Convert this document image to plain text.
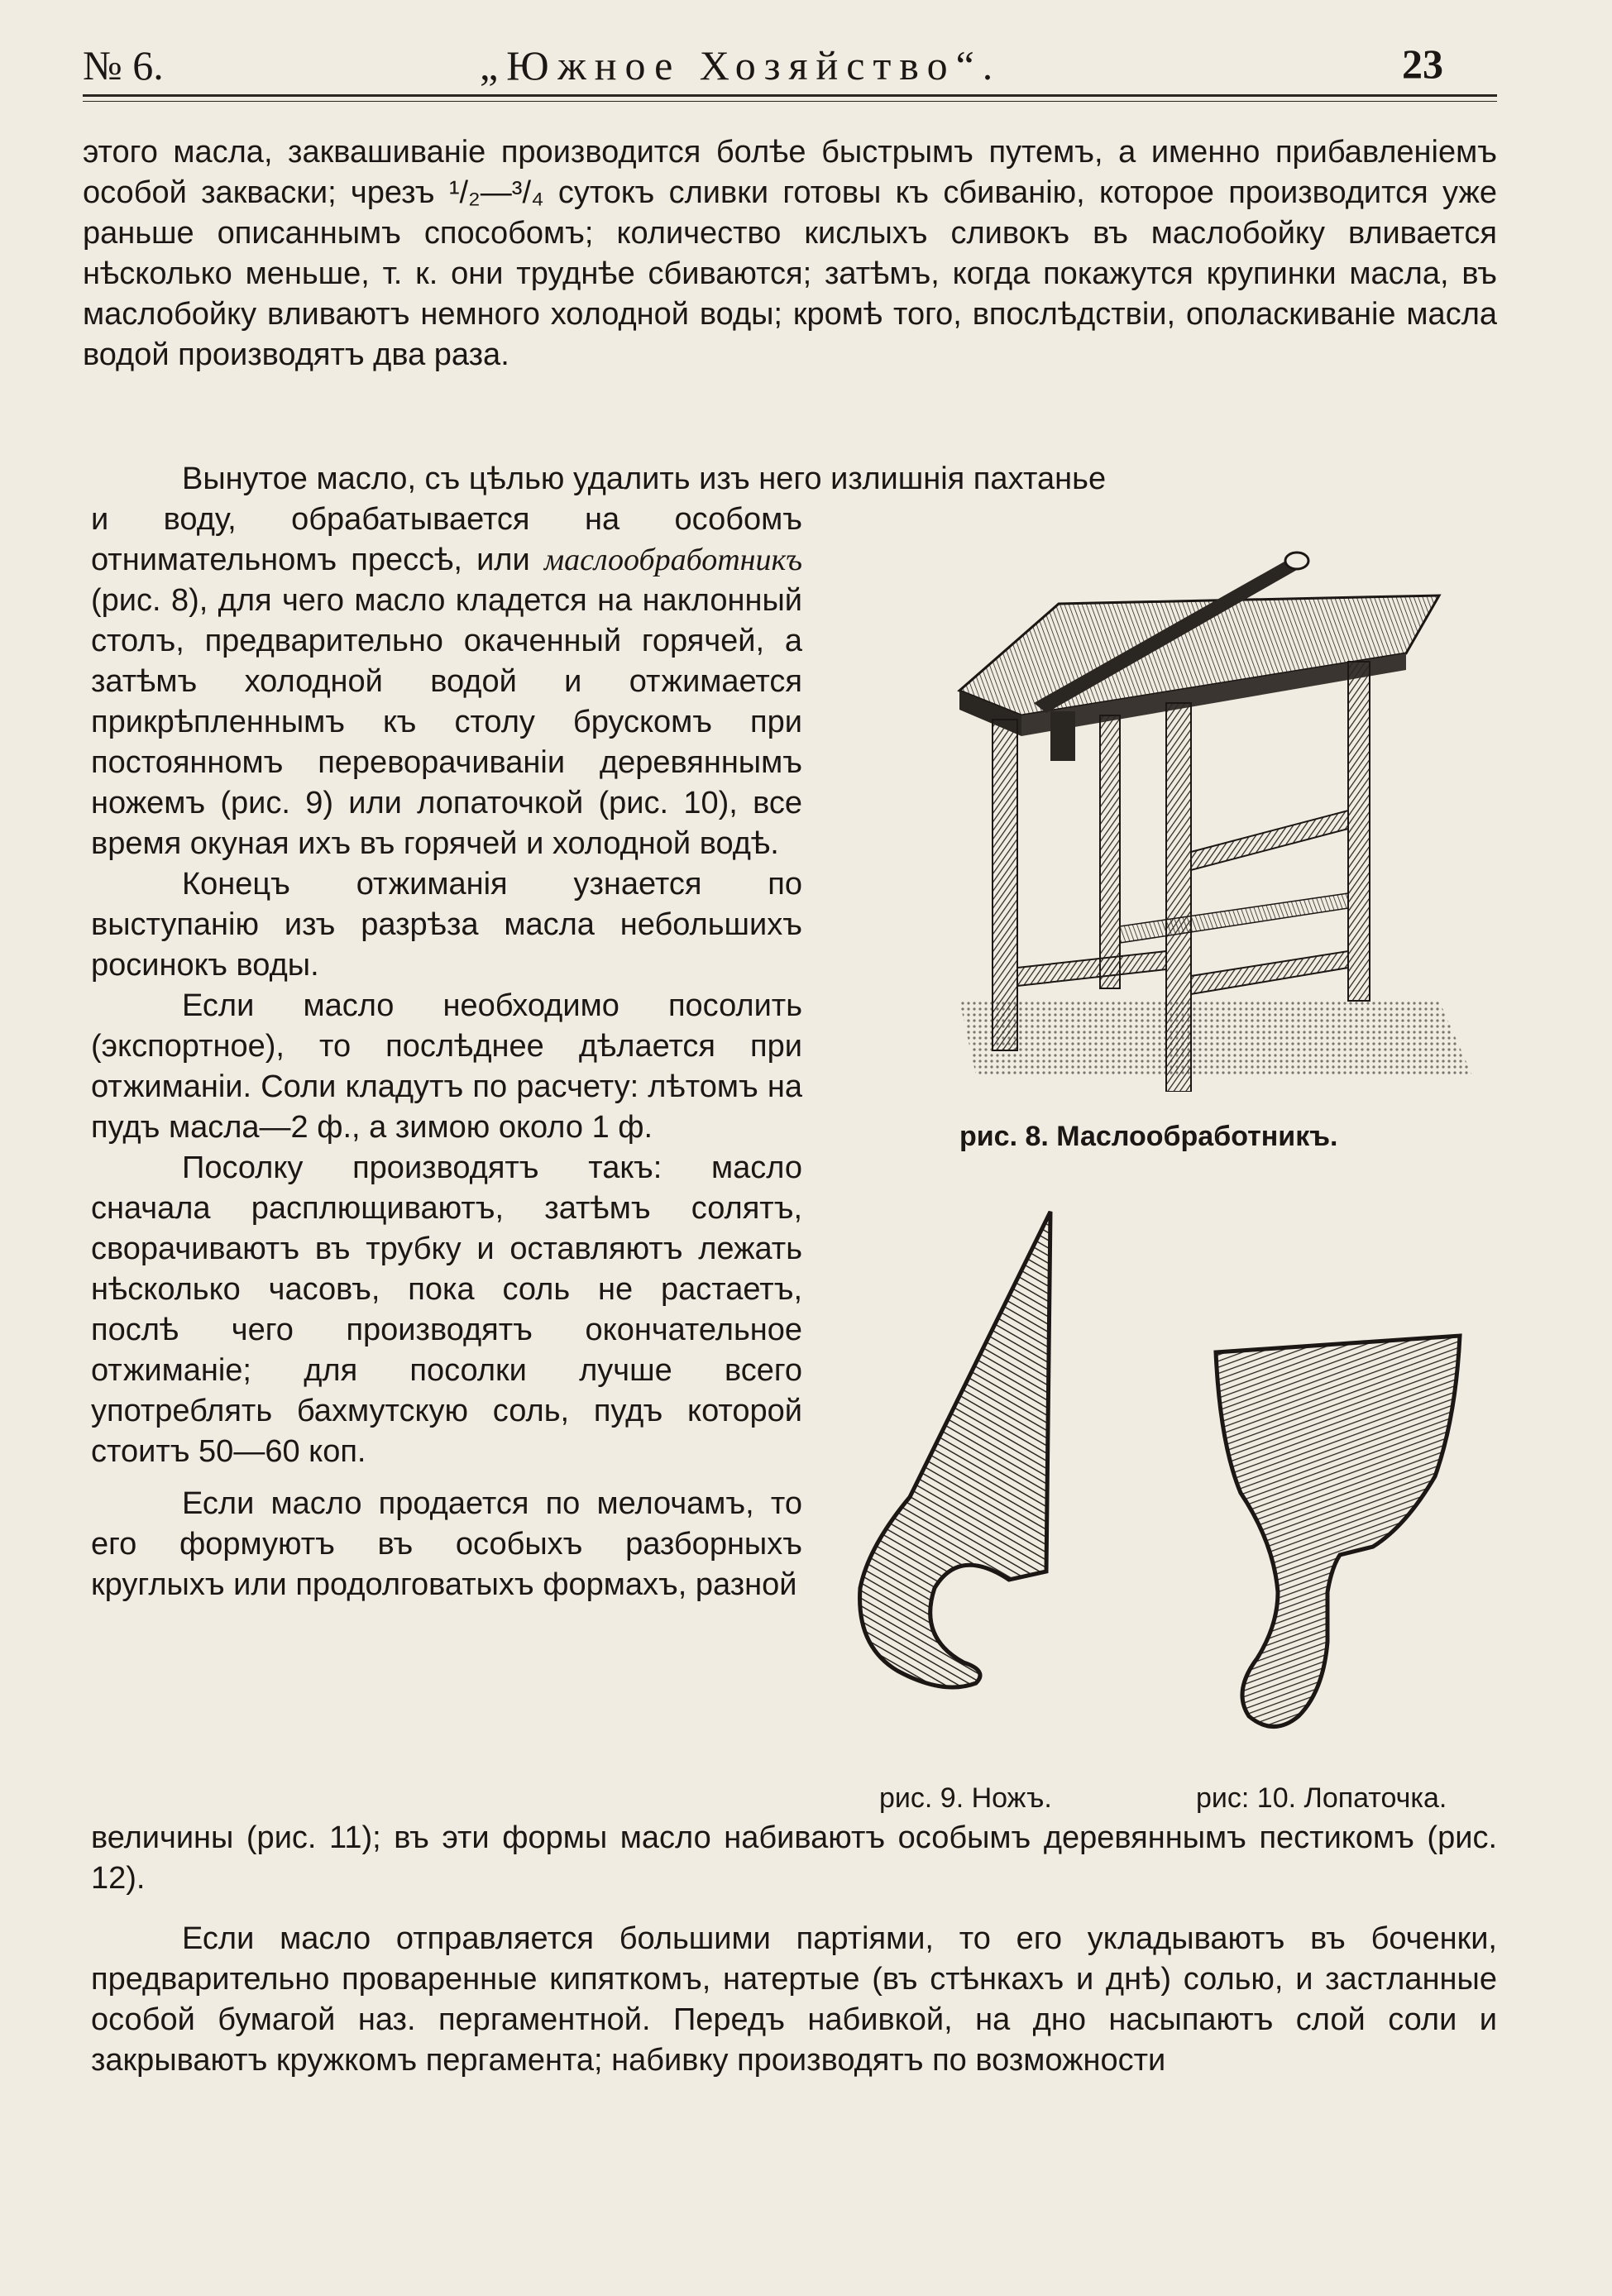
№ 6.	„Южное Хозяйство“.	23
этого масла, заквашиваніе производится болѣе быстрымъ путемъ, а именно прибавленіемъ особой закваски; чрезъ ¹/₂—³/₄ сутокъ сливки готовы къ сбиванію, которое производится уже раньше описаннымъ способомъ; количество кислыхъ сливокъ въ маслобойку вливается нѣсколько меньше, т. к. они труднѣе сбиваются; затѣмъ, когда покажутся крупинки масла, въ маслобойку вливаютъ немного холодной воды; кромѣ того, впослѣдствіи, ополаскиваніе масла водой производятъ два раза.
Вынутое масло, съ цѣлью удалить изъ него излишнія пахтанье

и воду, обрабатывается на особомъ отнимательномъ прессѣ, или маслообработникъ (рис. 8), для чего масло кладется на наклонный столъ, предварительно окаченный горячей, а затѣмъ холодной водой и отжимается прикрѣпленнымъ къ столу брускомъ при постоянномъ переворачиваніи деревяннымъ ножемъ (рис. 9) или лопаточкой (рис. 10), все время окуная ихъ въ горячей и холодной водѣ.

Конецъ отжиманія узнается по выступанію изъ разрѣза масла небольшихъ росинокъ воды.

Если масло необходимо посолить (экспортное), то послѣднее дѣлается при отжиманіи. Соли кладутъ по расчету: лѣтомъ на пудъ масла—2 ф., а зимою около 1 ф.

Посолку производятъ такъ: масло сначала расплющиваютъ, затѣмъ солятъ, сворачиваютъ въ трубку и оставляютъ лежать нѣсколько часовъ, пока соль не растаетъ, послѣ чего производятъ окончательное отжиманіе; для посолки лучше всего употреблять бахмутскую соль, пудъ которой стоитъ 50—60 коп.

Если масло продается по мелочамъ, то его формуютъ въ особыхъ разборныхъ круглыхъ или продолговатыхъ формахъ, разной

величины (рис. 11); въ эти формы масло набиваютъ особымъ деревяннымъ пестикомъ (рис. 12).
Если масло отправляется большими партіями, то его укладываютъ въ боченки, предварительно проваренные кипяткомъ, натертые (въ стѣнкахъ и днѣ) солью, и застланные особой бумагой наз. пергаментной. Передъ набивкой, на дно насыпаютъ слой соли и закрываютъ кружкомъ пергамента; набивку производятъ по возможности
рис. 8. Маслообработникъ.
рис. 9. Ножъ.	рис: 10. Лопаточка.
